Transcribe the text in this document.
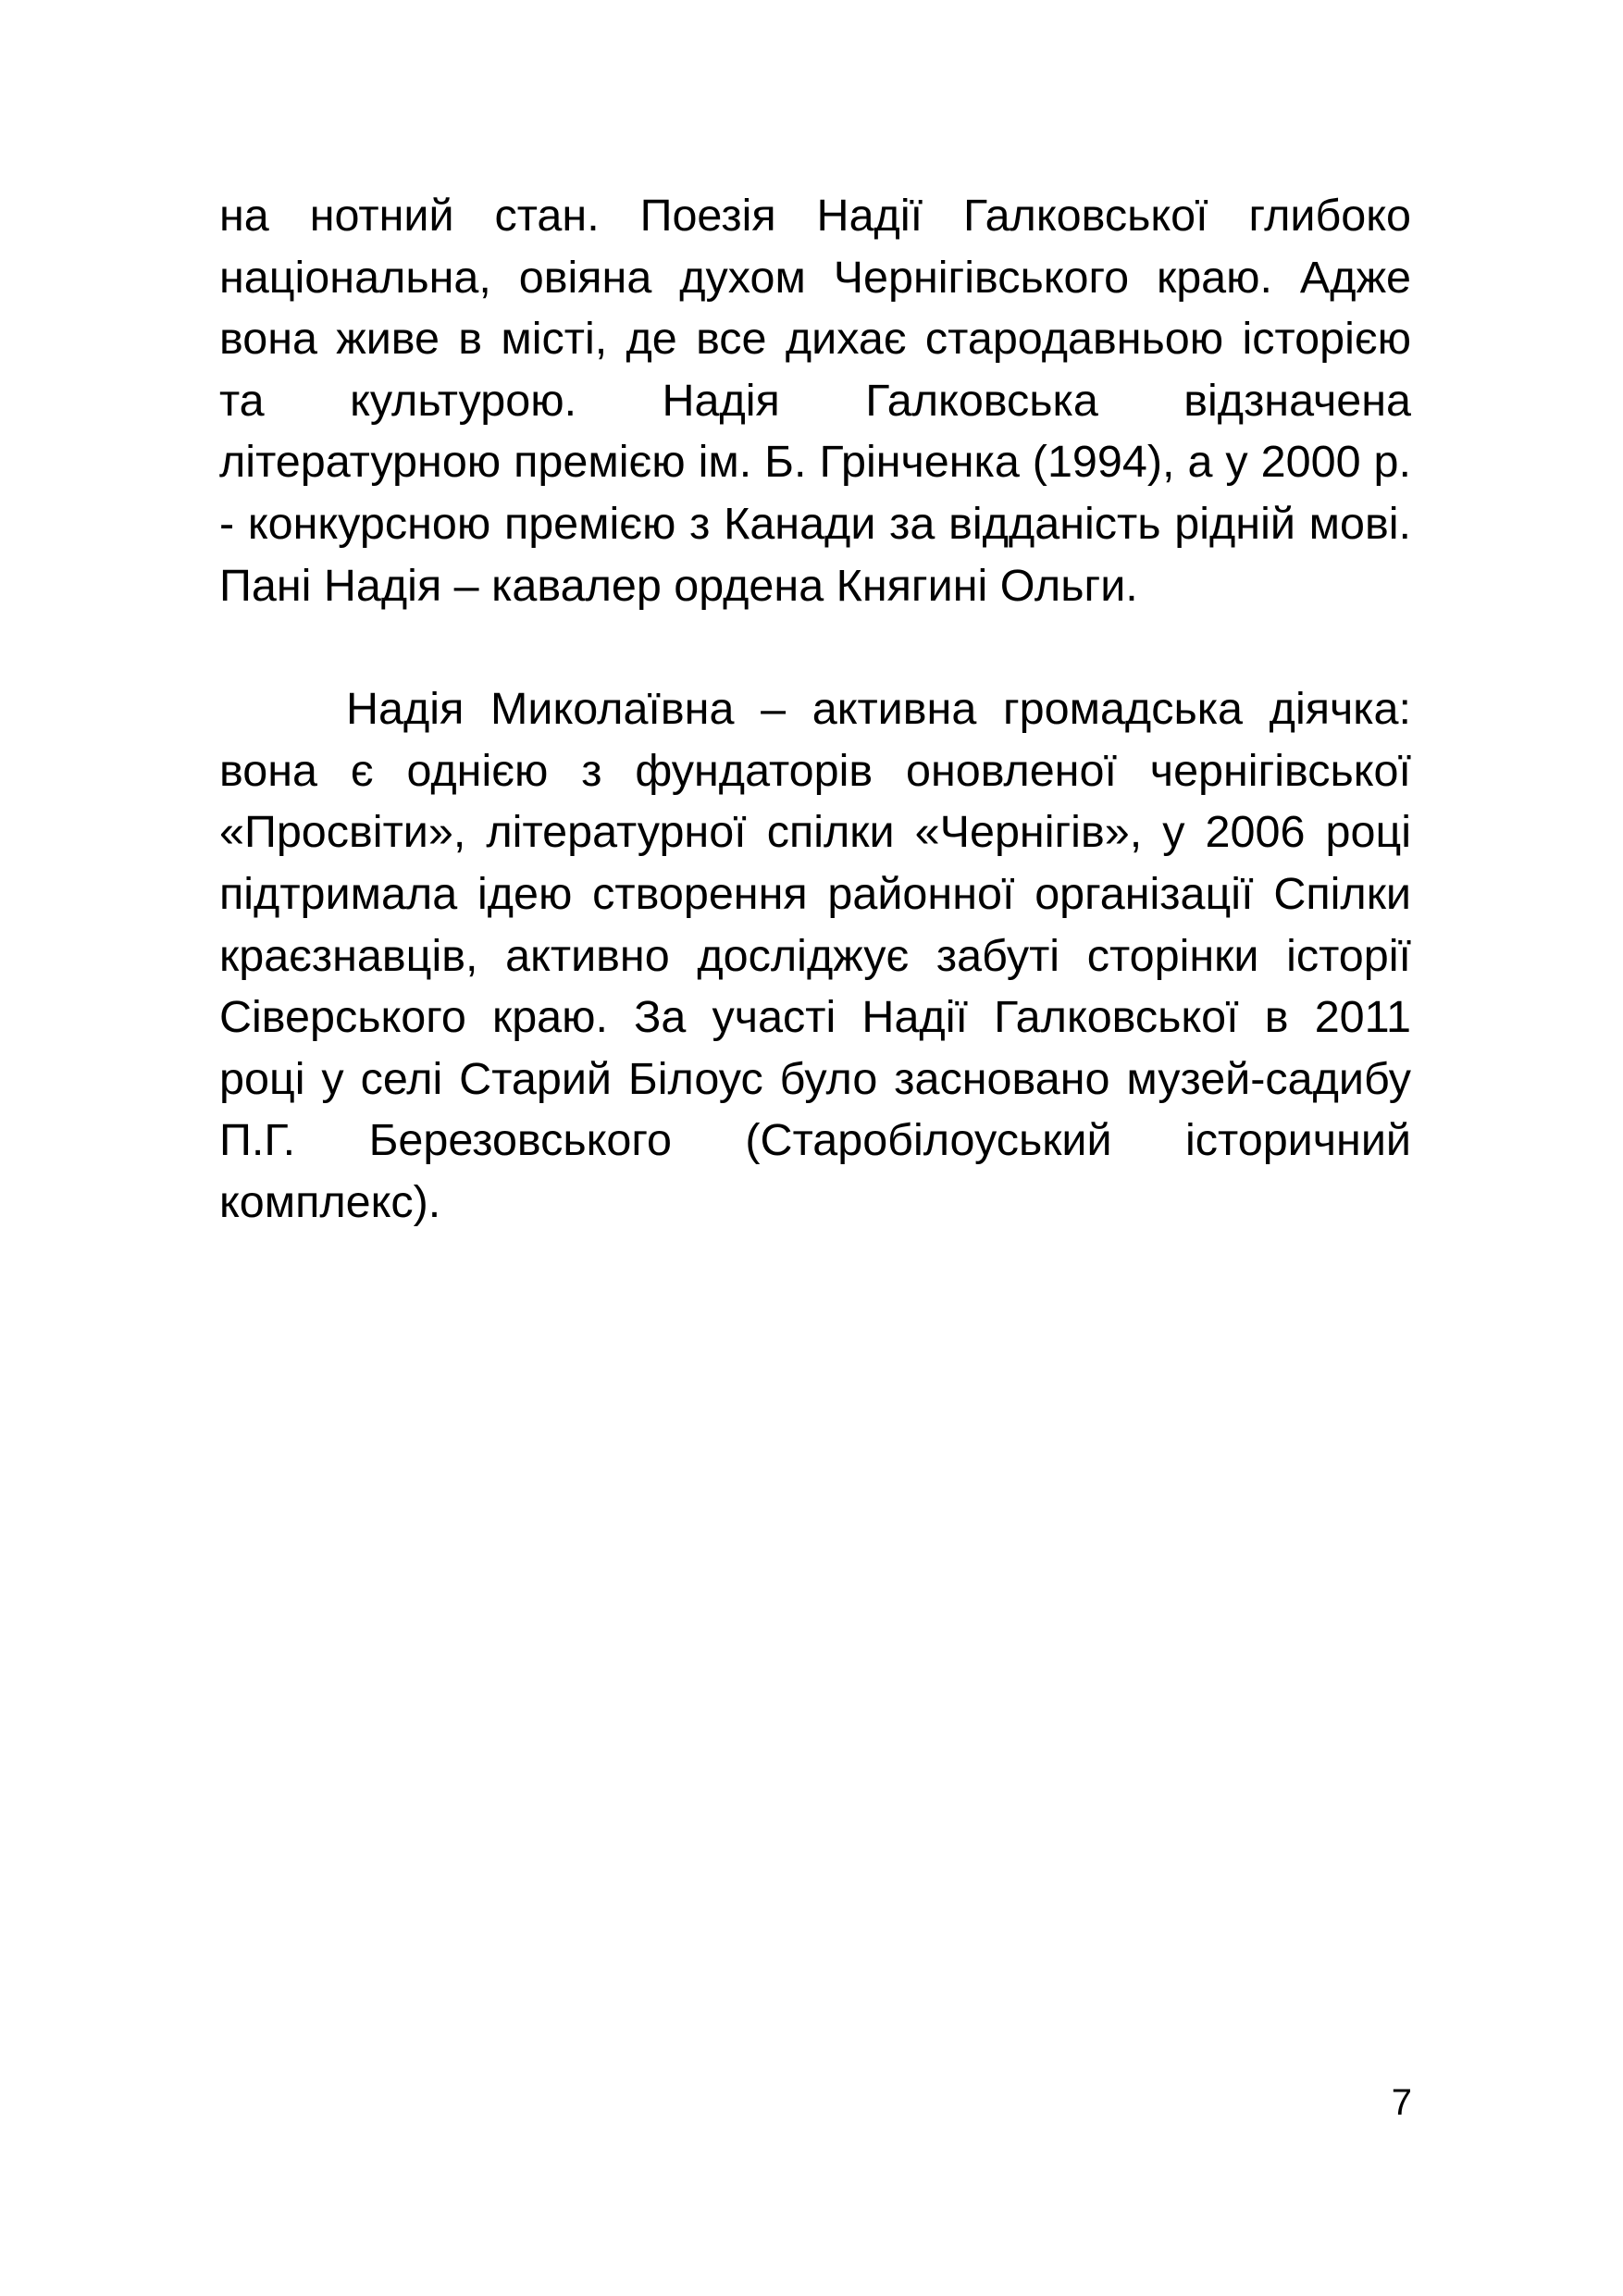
на нотний стан. Поезія Надії Галковської глибоко національна, овіяна духом Чернігівського краю. Адже вона живе в місті, де все дихає стародавньою історією та культурою. Надія Галковська відзначена літературною премією ім. Б. Грінченка (1994), а у 2000 р. - конкурсною премією з Канади за відданість рідній мові. Пані Надія – кавалер ордена Княгині Ольги.

Надія Миколаївна – активна громадська діячка: вона є однією з фундаторів оновленої чернігівської «Просвіти», літературної спілки «Чернігів», у 2006 році підтримала ідею створення районної організації Спілки краєзнавців, активно досліджує забуті сторінки історії Сіверського краю. За участі Надії Галковської в 2011 році у селі Старий Білоус було засновано музей-садибу П.Г. Березовського (Старобілоуський історичний комплекс).

7
